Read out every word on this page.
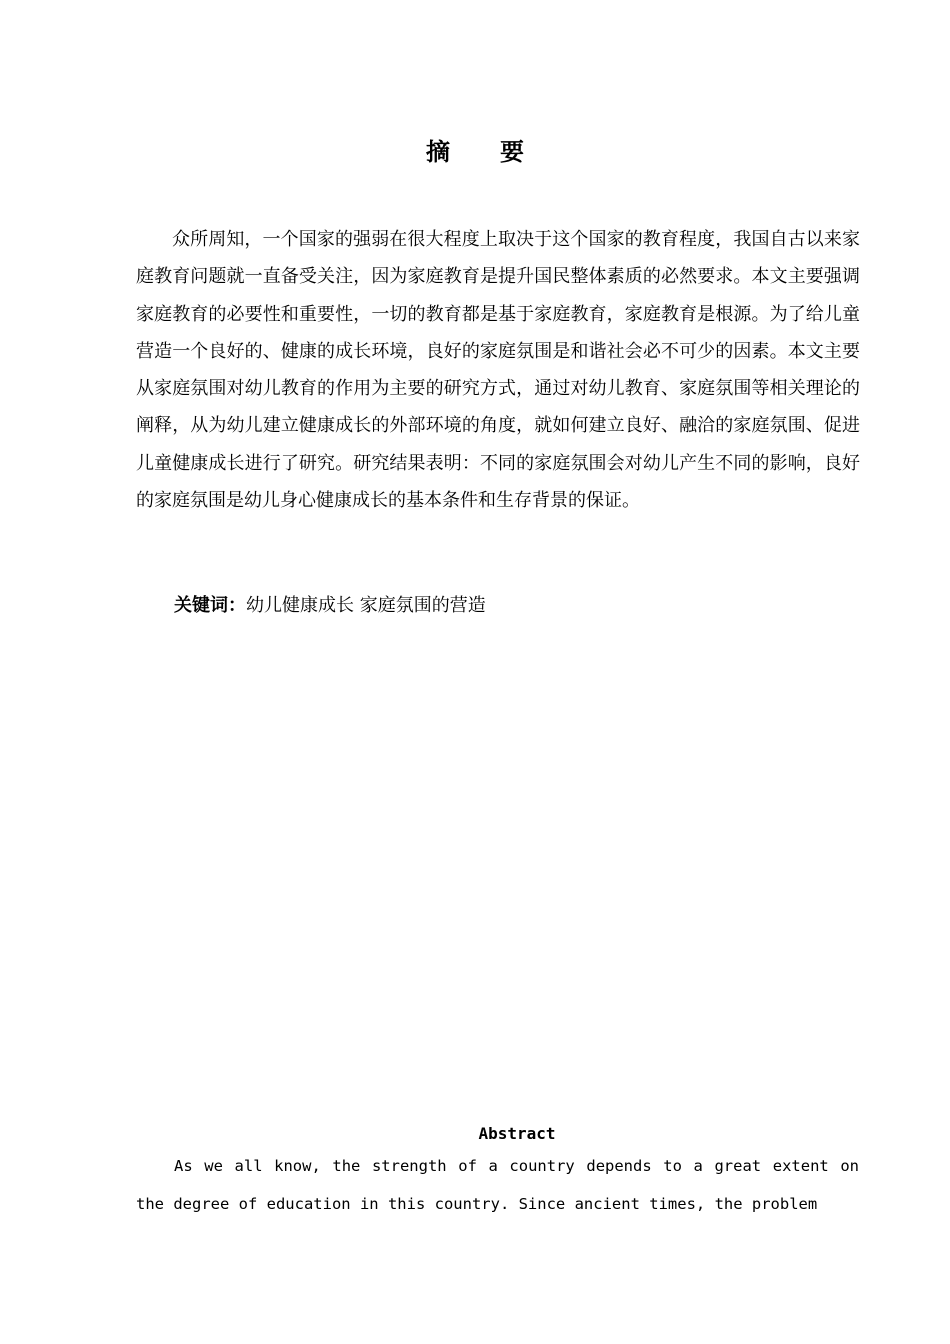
摘 要

众所周知，一个国家的强弱在很大程度上取决于这个国家的教育程度，我国自古以来家庭教育问题就一直备受关注，因为家庭教育是提升国民整体素质的必然要求。本文主要强调家庭教育的必要性和重要性，一切的教育都是基于家庭教育，家庭教育是根源。为了给儿童营造一个良好的、健康的成长环境，良好的家庭氛围是和谐社会必不可少的因素。本文主要从家庭氛围对幼儿教育的作用为主要的研究方式，通过对幼儿教育、家庭氛围等相关理论的阐释，从为幼儿建立健康成长的外部环境的角度，就如何建立良好、融洽的家庭氛围、促进儿童健康成长进行了研究。研究结果表明：不同的家庭氛围会对幼儿产生不同的影响，良好的家庭氛围是幼儿身心健康成长的基本条件和生存背景的保证。

关键词：幼儿健康成长 家庭氛围的营造
Abstract

As we all know, the strength of a country depends to a great extent on the degree of education in this country. Since ancient times, the problem
